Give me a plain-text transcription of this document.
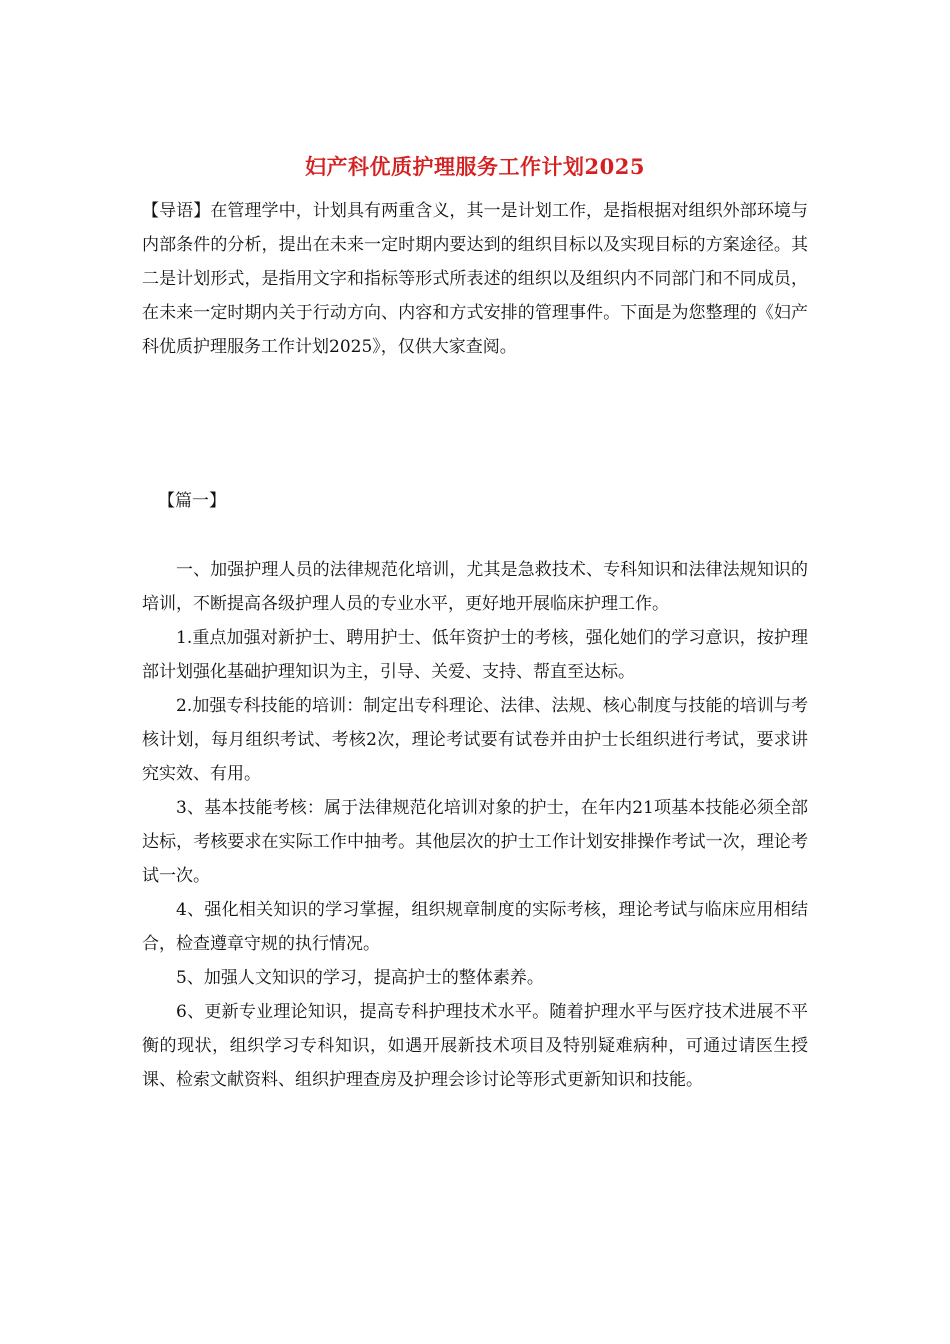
妇产科优质护理服务工作计划2025
【导语】在管理学中，计划具有两重含义，其一是计划工作，是指根据对组织外部环境与内部条件的分析，提出在未来一定时期内要达到的组织目标以及实现目标的方案途径。其二是计划形式，是指用文字和指标等形式所表述的组织以及组织内不同部门和不同成员，在未来一定时期内关于行动方向、内容和方式安排的管理事件。下面是为您整理的《妇产科优质护理服务工作计划2025》，仅供大家查阅。
【篇一】

一、加强护理人员的法律规范化培训，尤其是急救技术、专科知识和法律法规知识的培训，不断提高各级护理人员的专业水平，更好地开展临床护理工作。

1.重点加强对新护士、聘用护士、低年资护士的考核，强化她们的学习意识，按护理部计划强化基础护理知识为主，引导、关爱、支持、帮直至达标。

2.加强专科技能的培训：制定出专科理论、法律、法规、核心制度与技能的培训与考核计划，每月组织考试、考核2次，理论考试要有试卷并由护士长组织进行考试，要求讲究实效、有用。

3、基本技能考核：属于法律规范化培训对象的护士，在年内21项基本技能必须全部达标，考核要求在实际工作中抽考。其他层次的护士工作计划安排操作考试一次，理论考试一次。

4、强化相关知识的学习掌握，组织规章制度的实际考核，理论考试与临床应用相结合，检查遵章守规的执行情况。

5、加强人文知识的学习，提高护士的整体素养。

6、更新专业理论知识，提高专科护理技术水平。随着护理水平与医疗技术进展不平衡的现状，组织学习专科知识，如遇开展新技术项目及特别疑难病种，可通过请医生授课、检索文献资料、组织护理查房及护理会诊讨论等形式更新知识和技能。
